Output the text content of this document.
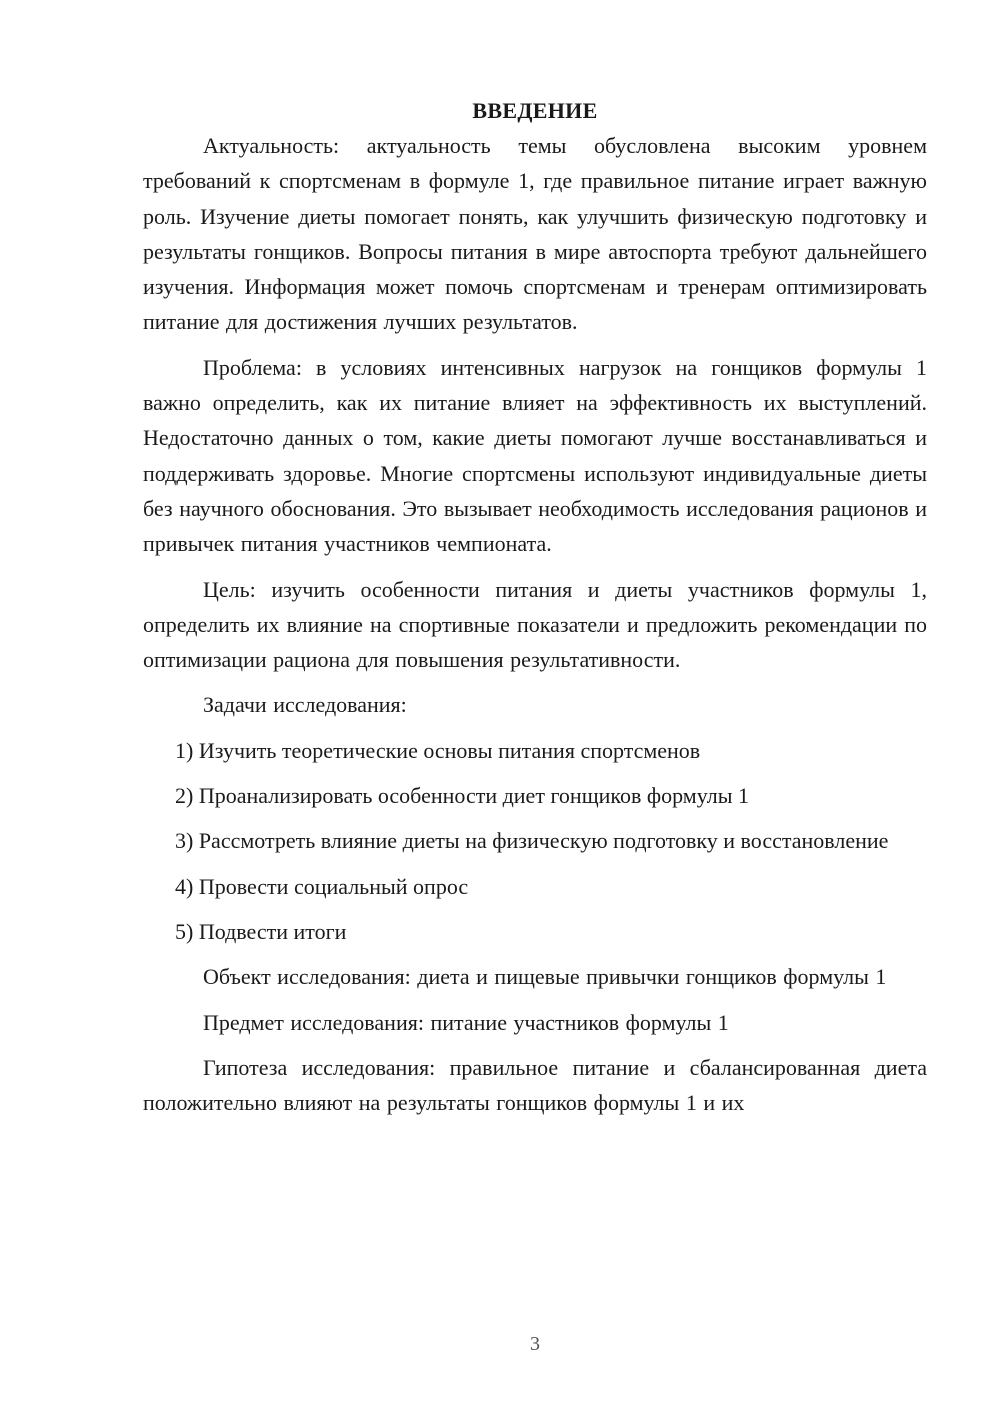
ВВЕДЕНИЕ

Актуальность: актуальность темы обусловлена высоким уровнем требований к спортсменам в формуле 1, где правильное питание играет важную роль. Изучение диеты помогает понять, как улучшить физическую подготовку и результаты гонщиков. Вопросы питания в мире автоспорта требуют дальнейшего изучения. Информация может помочь спортсменам и тренерам оптимизировать питание для достижения лучших результатов.

Проблема: в условиях интенсивных нагрузок на гонщиков формулы 1 важно определить, как их питание влияет на эффективность их выступлений. Недостаточно данных о том, какие диеты помогают лучше восстанавливаться и поддерживать здоровье. Многие спортсмены используют индивидуальные диеты без научного обоснования. Это вызывает необходимость исследования рационов и привычек питания участников чемпионата.

Цель: изучить особенности питания и диеты участников формулы 1, определить их влияние на спортивные показатели и предложить рекомендации по оптимизации рациона для повышения результативности.

Задачи исследования:

1) Изучить теоретические основы питания спортсменов

2) Проанализировать особенности диет гонщиков формулы 1

3) Рассмотреть влияние диеты на физическую подготовку и восстановление

4) Провести социальный опрос

5) Подвести итоги

Объект исследования: диета и пищевые привычки гонщиков формулы 1

Предмет исследования: питание участников формулы 1

Гипотеза исследования: правильное питание и сбалансированная диета положительно влияют на результаты гонщиков формулы 1 и их

3
